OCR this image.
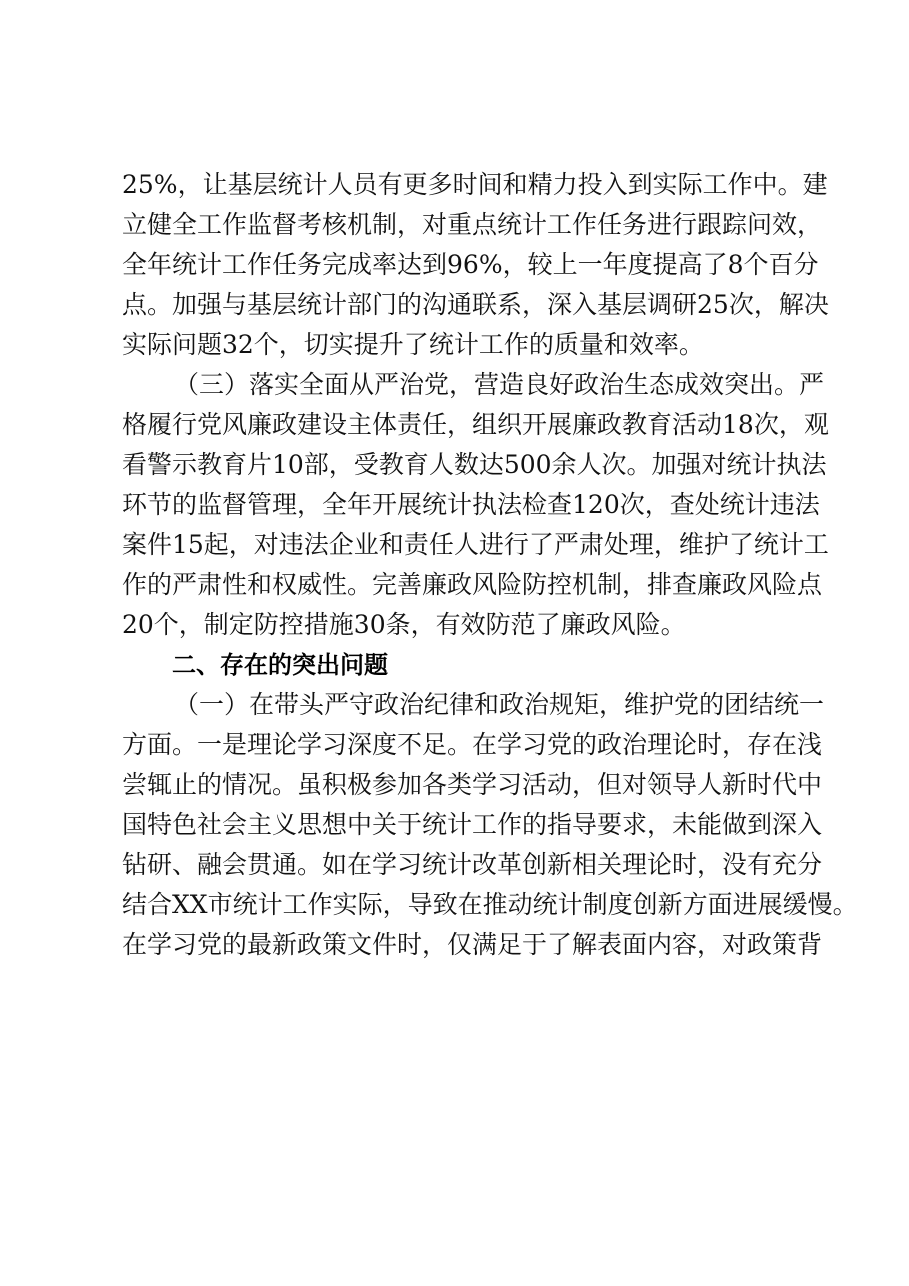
25%，让基层统计人员有更多时间和精力投入到实际工作中。建
立健全工作监督考核机制，对重点统计工作任务进行跟踪问效，
全年统计工作任务完成率达到96%，较上一年度提高了8个百分
点。加强与基层统计部门的沟通联系，深入基层调研25次，解决
实际问题32个，切实提升了统计工作的质量和效率。
（三）落实全面从严治党，营造良好政治生态成效突出。严
格履行党风廉政建设主体责任，组织开展廉政教育活动18次，观
看警示教育片10部，受教育人数达500余人次。加强对统计执法
环节的监督管理，全年开展统计执法检查120次，查处统计违法
案件15起，对违法企业和责任人进行了严肃处理，维护了统计工
作的严肃性和权威性。完善廉政风险防控机制，排查廉政风险点
20个，制定防控措施30条，有效防范了廉政风险。
二、存在的突出问题
（一）在带头严守政治纪律和政治规矩，维护党的团结统一
方面。一是理论学习深度不足。在学习党的政治理论时，存在浅
尝辄止的情况。虽积极参加各类学习活动，但对领导人新时代中
国特色社会主义思想中关于统计工作的指导要求，未能做到深入
钻研、融会贯通。如在学习统计改革创新相关理论时，没有充分
结合XX市统计工作实际，导致在推动统计制度创新方面进展缓慢。
在学习党的最新政策文件时，仅满足于了解表面内容，对政策背
